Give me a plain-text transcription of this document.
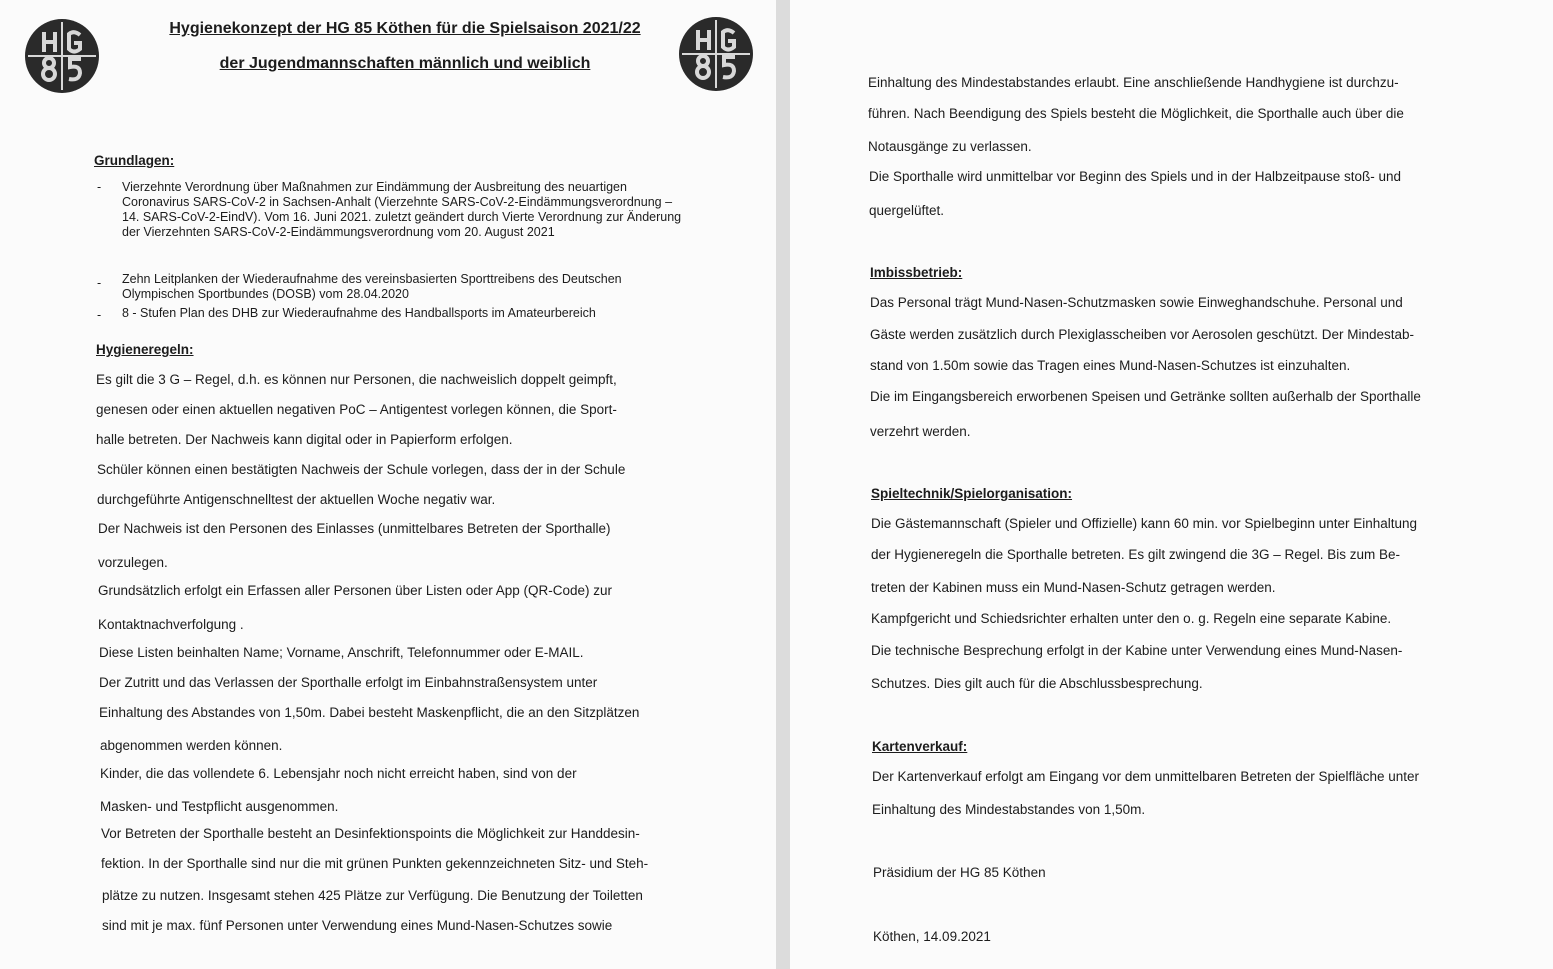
Hygienekonzept der HG 85 Köthen für die Spielsaison 2021/22
der Jugendmannschaften männlich und weiblich
Grundlagen:
- Vierzehnte Verordnung über Maßnahmen zur Eindämmung der Ausbreitung des neuartigen Coronavirus SARS-CoV-2 in Sachsen-Anhalt (Vierzehnte SARS-CoV-2-Eindämmungsverordnung – 14. SARS-CoV-2-EindV). Vom 16. Juni 2021. zuletzt geändert durch Vierte Verordnung zur Änderung der Vierzehnten SARS-CoV-2-Eindämmungsverordnung vom 20. August 2021
- Zehn Leitplanken der Wiederaufnahme des vereinsbasierten Sporttreibens des Deutschen Olympischen Sportbundes (DOSB) vom 28.04.2020
- 8 - Stufen Plan des DHB zur Wiederaufnahme des Handballsports im Amateurbereich
Hygieneregeln:
Es gilt die 3 G – Regel, d.h. es können nur Personen, die nachweislich doppelt geimpft,
genesen oder einen aktuellen negativen PoC – Antigentest vorlegen können, die Sport-
halle betreten. Der Nachweis kann digital oder in Papierform erfolgen.
Schüler können einen bestätigten Nachweis der Schule vorlegen, dass der in der Schule
durchgeführte Antigenschnelltest der aktuellen Woche negativ war.
Der Nachweis ist den Personen des Einlasses (unmittelbares Betreten der Sporthalle)
vorzulegen.
Grundsätzlich erfolgt ein Erfassen aller Personen über Listen oder App (QR-Code) zur
Kontaktnachverfolgung .
Diese Listen beinhalten Name; Vorname, Anschrift, Telefonnummer oder E-MAIL.
Der Zutritt und das Verlassen der Sporthalle erfolgt im Einbahnstraßensystem unter
Einhaltung des Abstandes von 1,50m. Dabei besteht Maskenpflicht, die an den Sitzplätzen
abgenommen werden können.
Kinder, die das vollendete 6. Lebensjahr noch nicht erreicht haben, sind von der
Masken- und Testpflicht ausgenommen.
Vor Betreten der Sporthalle besteht an Desinfektionspoints die Möglichkeit zur Handdesin-
fektion. In der Sporthalle sind nur die mit grünen Punkten gekennzeichneten Sitz- und Steh-
plätze zu nutzen. Insgesamt stehen 425 Plätze zur Verfügung. Die Benutzung der Toiletten
sind mit je max. fünf Personen unter Verwendung eines Mund-Nasen-Schutzes sowie
Einhaltung des Mindestabstandes erlaubt. Eine anschließende Handhygiene ist durchzu-
führen. Nach Beendigung des Spiels besteht die Möglichkeit, die Sporthalle auch über die
Notausgänge zu verlassen.
Die Sporthalle wird unmittelbar vor Beginn des Spiels und in der Halbzeitpause stoß- und
quergelüftet.
Imbissbetrieb:
Das Personal trägt Mund-Nasen-Schutzmasken sowie Einweghandschuhe. Personal und
Gäste werden zusätzlich durch Plexiglasscheiben vor Aerosolen geschützt. Der Mindestab-
stand von 1.50m sowie das Tragen eines Mund-Nasen-Schutzes ist einzuhalten.
Die im Eingangsbereich erworbenen Speisen und Getränke sollten außerhalb der Sporthalle
verzehrt werden.
Spieltechnik/Spielorganisation:
Die Gästemannschaft (Spieler und Offizielle) kann 60 min. vor Spielbeginn unter Einhaltung
der Hygieneregeln die Sporthalle betreten. Es gilt zwingend die 3G – Regel. Bis zum Be-
treten der Kabinen muss ein Mund-Nasen-Schutz getragen werden.
Kampfgericht und Schiedsrichter erhalten unter den o. g. Regeln eine separate Kabine.
Die technische Besprechung erfolgt in der Kabine unter Verwendung eines Mund-Nasen-
Schutzes. Dies gilt auch für die Abschlussbesprechung.
Kartenverkauf:
Der Kartenverkauf erfolgt am Eingang vor dem unmittelbaren Betreten der Spielfläche unter
Einhaltung des Mindestabstandes von 1,50m.
Präsidium der HG 85 Köthen
Köthen, 14.09.2021
